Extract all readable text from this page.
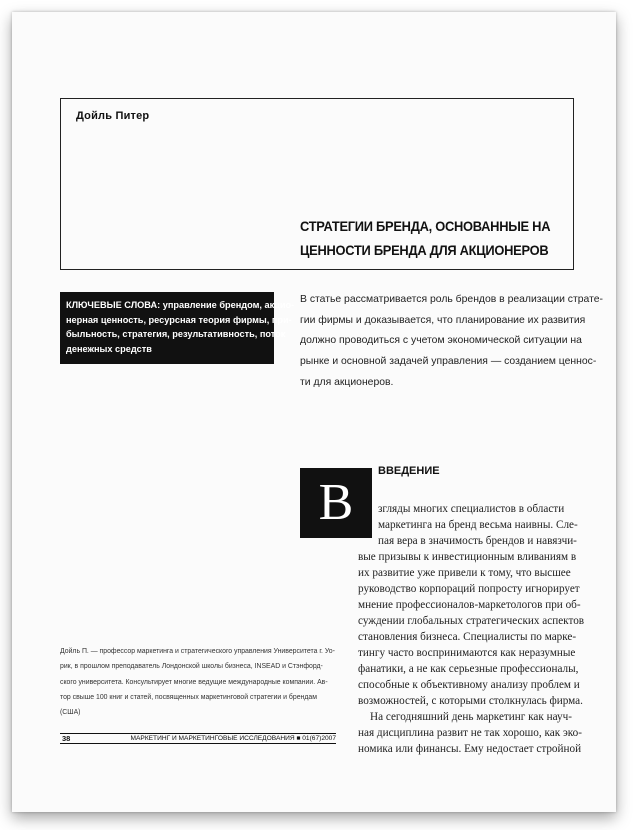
Дойль Питер
СТРАТЕГИИ БРЕНДА, ОСНОВАННЫЕ НА
ЦЕННОСТИ БРЕНДА ДЛЯ АКЦИОНЕРОВ
КЛЮЧЕВЫЕ СЛОВА: управление брендом, акцио-
нерная ценность, ресурсная теория фирмы, при-
быльность, стратегия, результативность, поток
денежных средств
В статье рассматривается роль брендов в реализации страте-
гии фирмы и доказывается, что планирование их развития
должно проводиться с учетом экономической ситуации на
рынке и основной задачей управления — созданием ценнос-
ти для акционеров.
ВВЕДЕНИЕ
В	згляды многих специалистов в области
маркетинга на бренд весьма наивны. Сле-
пая вера в значимость брендов и навязчи-
вые призывы к инвестиционным вливаниям в
их развитие уже привели к тому, что высшее
руководство корпораций попросту игнорирует
мнение профессионалов-маркетологов при об-
суждении глобальных стратегических аспектов
становления бизнеса. Специалисты по марке-
тингу часто воспринимаются как неразумные
фанатики, а не как серьезные профессионалы,
способные к объективному анализу проблем и
возможностей, с которыми столкнулась фирма.
На сегодняшний день маркетинг как науч-
ная дисциплина развит не так хорошо, как эко-
номика или финансы. Ему недостает стройной
Дойль П. — профессор маркетинга и стратегического управления Университета г. Уо-
рик, в прошлом преподаватель Лондонской школы бизнеса, INSEAD и Стэнфорд-
ского университета. Консультирует многие ведущие международные компании. Ав-
тор свыше 100 книг и статей, посвященных маркетинговой стратегии и брендам
(США)
38	МАРКЕТИНГ И МАРКЕТИНГОВЫЕ ИССЛЕДОВАНИЯ ■ 01(67)2007
